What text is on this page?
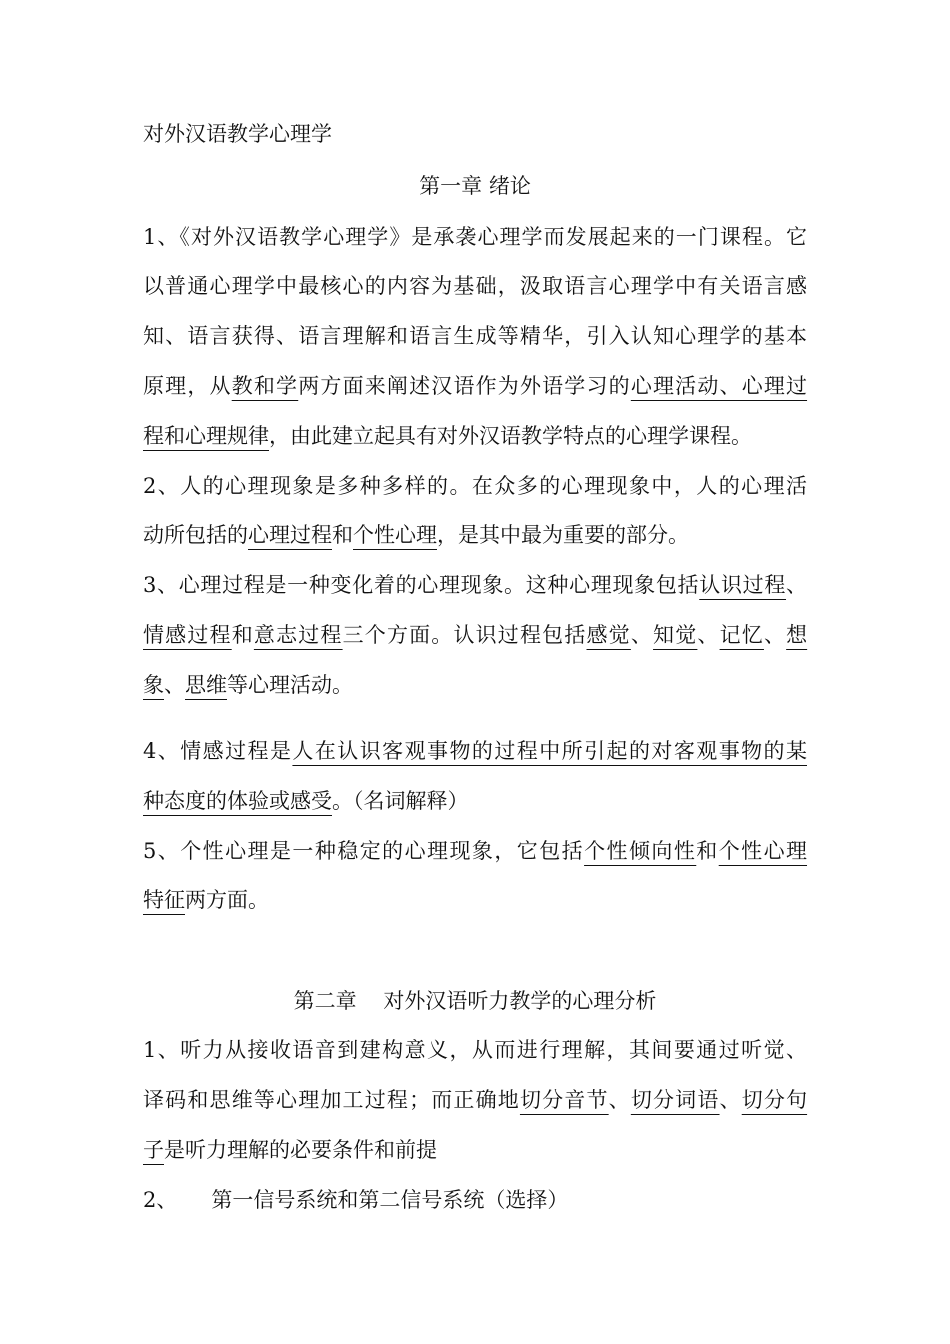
对外汉语教学心理学
第一章 绪论
1、《对外汉语教学心理学》是承袭心理学而发展起来的一门课程。它
以普通心理学中最核心的内容为基础，汲取语言心理学中有关语言感
知、语言获得、语言理解和语言生成等精华，引入认知心理学的基本
原理，从教和学两方面来阐述汉语作为外语学习的心理活动、心理过
程和心理规律，由此建立起具有对外汉语教学特点的心理学课程。
2、人的心理现象是多种多样的。在众多的心理现象中，人的心理活
动所包括的心理过程和个性心理，是其中最为重要的部分。
3、心理过程是一种变化着的心理现象。这种心理现象包括认识过程、
情感过程和意志过程三个方面。认识过程包括感觉、知觉、记忆、想
象、思维等心理活动。
4、情感过程是人在认识客观事物的过程中所引起的对客观事物的某
种态度的体验或感受。（名词解释）
5、个性心理是一种稳定的心理现象，它包括个性倾向性和个性心理
特征两方面。
第二章    对外汉语听力教学的心理分析
1、听力从接收语音到建构意义，从而进行理解，其间要通过听觉、
译码和思维等心理加工过程；而正确地切分音节、切分词语、切分句
子是听力理解的必要条件和前提
2、 第一信号系统和第二信号系统（选择）
